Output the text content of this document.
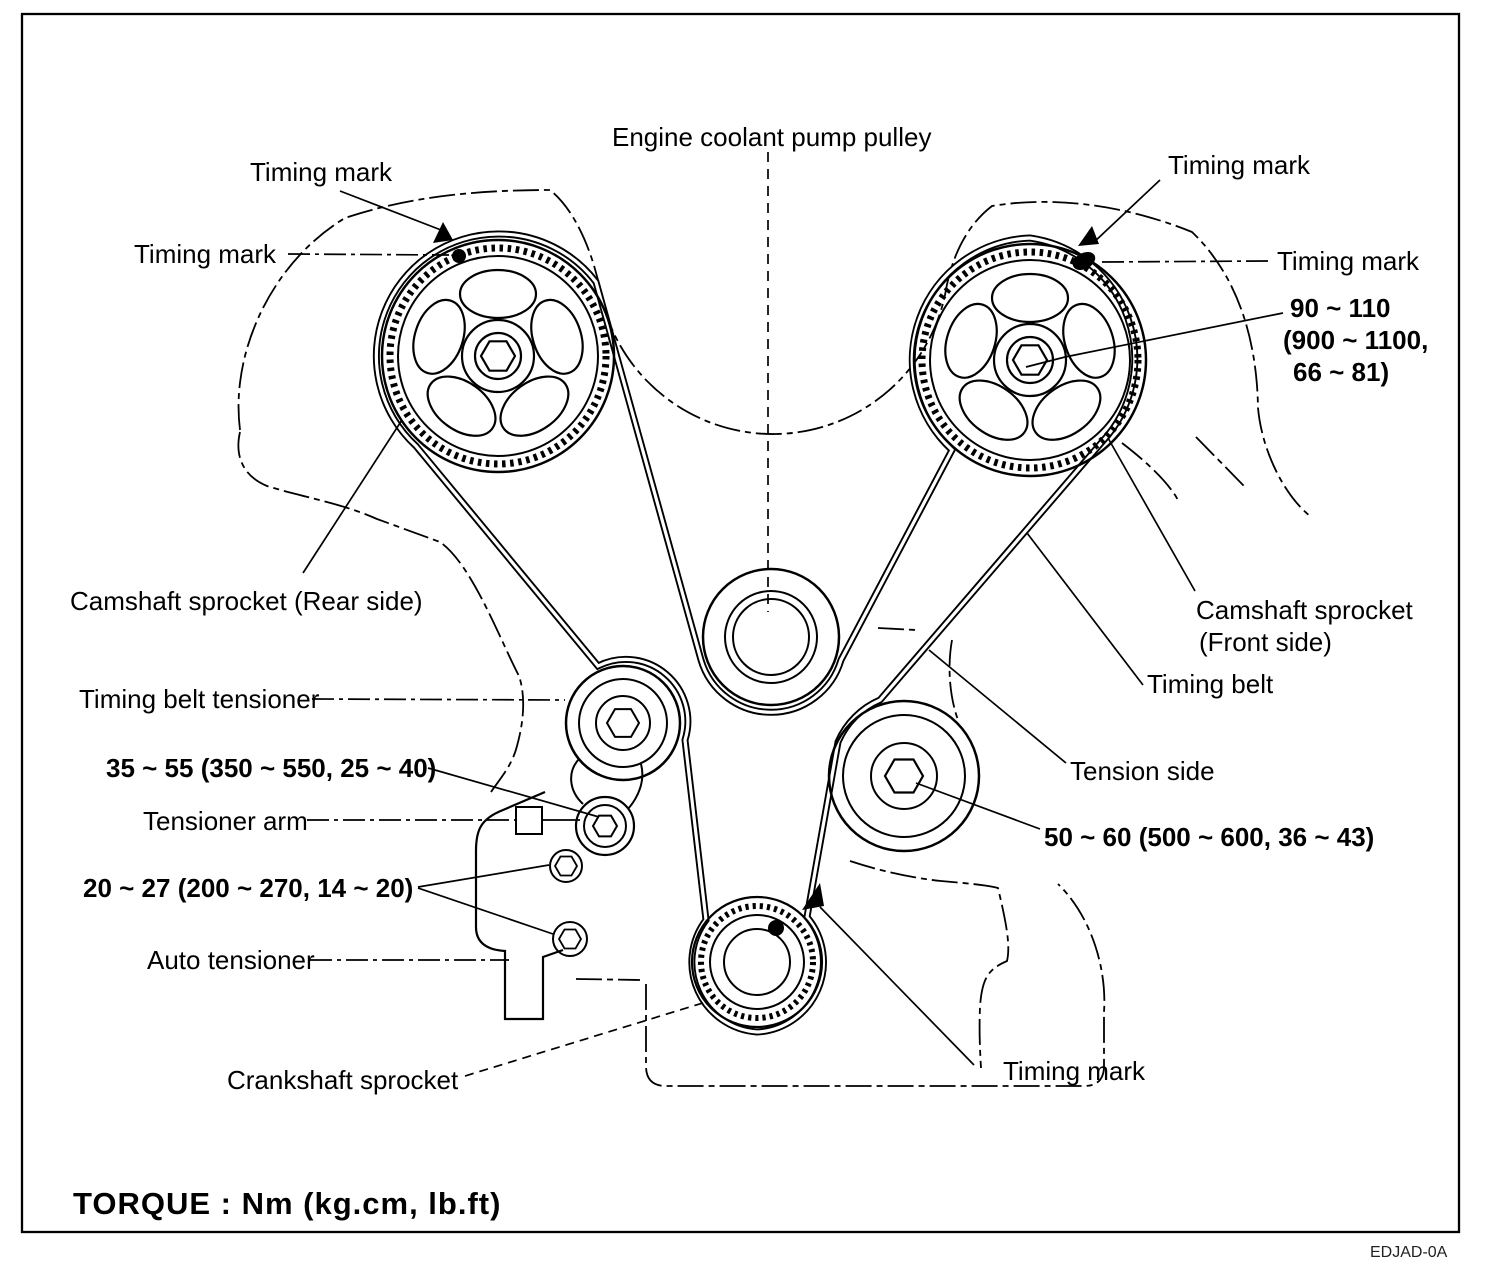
Engine coolant pump pulley
Timing mark
Timing mark
Timing mark
Timing mark
90 ~ 110
(900 ~ 1100,
66 ~ 81)
Camshaft sprocket (Rear side)
Timing belt tensioner
35 ~ 55 (350 ~ 550, 25 ~ 40)
Tensioner arm
20 ~ 27 (200 ~ 270, 14 ~ 20)
Auto tensioner
Camshaft sprocket
(Front side)
Timing belt
Tension side
50 ~ 60 (500 ~ 600, 36 ~ 43)
Crankshaft sprocket	Timing mark
TORQUE : Nm (kg.cm, lb.ft)
EDJAD-0A
